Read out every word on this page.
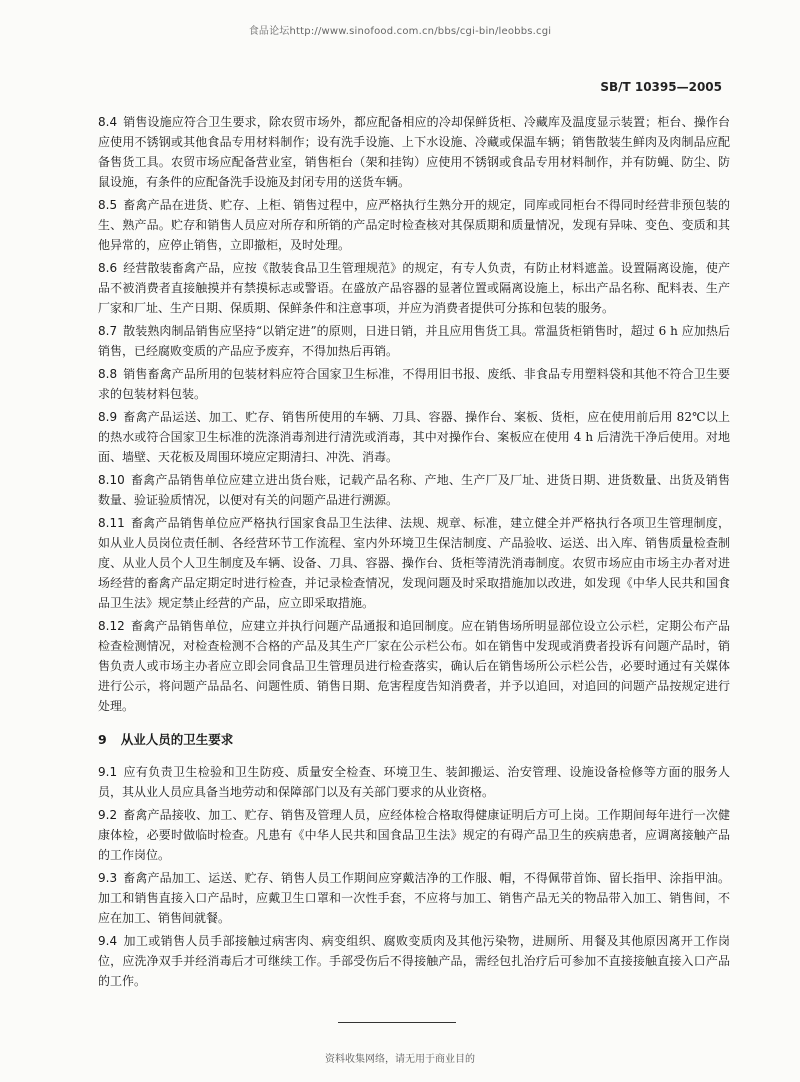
食品论坛http://www.sinofood.com.cn/bbs/cgi-bin/leobbs.cgi
SB/T 10395—2005
8.4 销售设施应符合卫生要求，除农贸市场外，都应配备相应的冷却保鲜货柜、冷藏库及温度显示装置；柜台、操作台应使用不锈钢或其他食品专用材料制作；设有洗手设施、上下水设施、冷藏或保温车辆；销售散装生鲜肉及肉制品应配备售货工具。农贸市场应配备营业室，销售柜台（架和挂钩）应使用不锈钢或食品专用材料制作，并有防蝇、防尘、防鼠设施，有条件的应配备洗手设施及封闭专用的送货车辆。
8.5 畜禽产品在进货、贮存、上柜、销售过程中，应严格执行生熟分开的规定，同库或同柜台不得同时经营非预包装的生、熟产品。贮存和销售人员应对所存和所销的产品定时检查核对其保质期和质量情况，发现有异味、变色、变质和其他异常的，应停止销售，立即撤柜，及时处理。
8.6 经营散装畜禽产品，应按《散装食品卫生管理规范》的规定，有专人负责，有防止材料遮盖。设置隔离设施，使产品不被消费者直接触摸并有禁摸标志或警语。在盛放产品容器的显著位置或隔离设施上，标出产品名称、配料表、生产厂家和厂址、生产日期、保质期、保鲜条件和注意事项，并应为消费者提供可分拣和包装的服务。
8.7 散装熟肉制品销售应坚持“以销定进”的原则，日进日销，并且应用售货工具。常温货柜销售时，超过 6 h 应加热后销售，已经腐败变质的产品应予废弃，不得加热后再销。
8.8 销售畜禽产品所用的包装材料应符合国家卫生标准，不得用旧书报、废纸、非食品专用塑料袋和其他不符合卫生要求的包装材料包装。
8.9 畜禽产品运送、加工、贮存、销售所使用的车辆、刀具、容器、操作台、案板、货柜，应在使用前后用 82℃以上的热水或符合国家卫生标准的洗涤消毒剂进行清洗或消毒，其中对操作台、案板应在使用 4 h 后清洗干净后使用。对地面、墙壁、天花板及周围环境应定期清扫、冲洗、消毒。
8.10 畜禽产品销售单位应建立进出货台账，记载产品名称、产地、生产厂及厂址、进货日期、进货数量、出货及销售数量、验证验质情况，以便对有关的问题产品进行溯源。
8.11 畜禽产品销售单位应严格执行国家食品卫生法律、法规、规章、标准，建立健全并严格执行各项卫生管理制度，如从业人员岗位责任制、各经营环节工作流程、室内外环境卫生保洁制度、产品验收、运送、出入库、销售质量检查制度、从业人员个人卫生制度及车辆、设备、刀具、容器、操作台、货柜等清洗消毒制度。农贸市场应由市场主办者对进场经营的畜禽产品定期定时进行检查，并记录检查情况，发现问题及时采取措施加以改进，如发现《中华人民共和国食品卫生法》规定禁止经营的产品，应立即采取措施。
8.12 畜禽产品销售单位，应建立并执行问题产品通报和追回制度。应在销售场所明显部位设立公示栏，定期公布产品检查检测情况，对检查检测不合格的产品及其生产厂家在公示栏公布。如在销售中发现或消费者投诉有问题产品时，销售负责人或市场主办者应立即会同食品卫生管理员进行检查落实，确认后在销售场所公示栏公告，必要时通过有关媒体进行公示，将问题产品品名、问题性质、销售日期、危害程度告知消费者，并予以追回，对追回的问题产品按规定进行处理。
9 从业人员的卫生要求
9.1 应有负责卫生检验和卫生防疫、质量安全检查、环境卫生、装卸搬运、治安管理、设施设备检修等方面的服务人员，其从业人员应具备当地劳动和保障部门以及有关部门要求的从业资格。
9.2 畜禽产品接收、加工、贮存、销售及管理人员，应经体检合格取得健康证明后方可上岗。工作期间每年进行一次健康体检，必要时做临时检查。凡患有《中华人民共和国食品卫生法》规定的有碍产品卫生的疾病患者，应调离接触产品的工作岗位。
9.3 畜禽产品加工、运送、贮存、销售人员工作期间应穿戴洁净的工作服、帽，不得佩带首饰、留长指甲、涂指甲油。加工和销售直接入口产品时，应戴卫生口罩和一次性手套，不应将与加工、销售产品无关的物品带入加工、销售间，不应在加工、销售间就餐。
9.4 加工或销售人员手部接触过病害肉、病变组织、腐败变质肉及其他污染物，进厕所、用餐及其他原因离开工作岗位，应洗净双手并经消毒后才可继续工作。手部受伤后不得接触产品，需经包扎治疗后可参加不直接接触直接入口产品的工作。
资料收集网络，请无用于商业目的
